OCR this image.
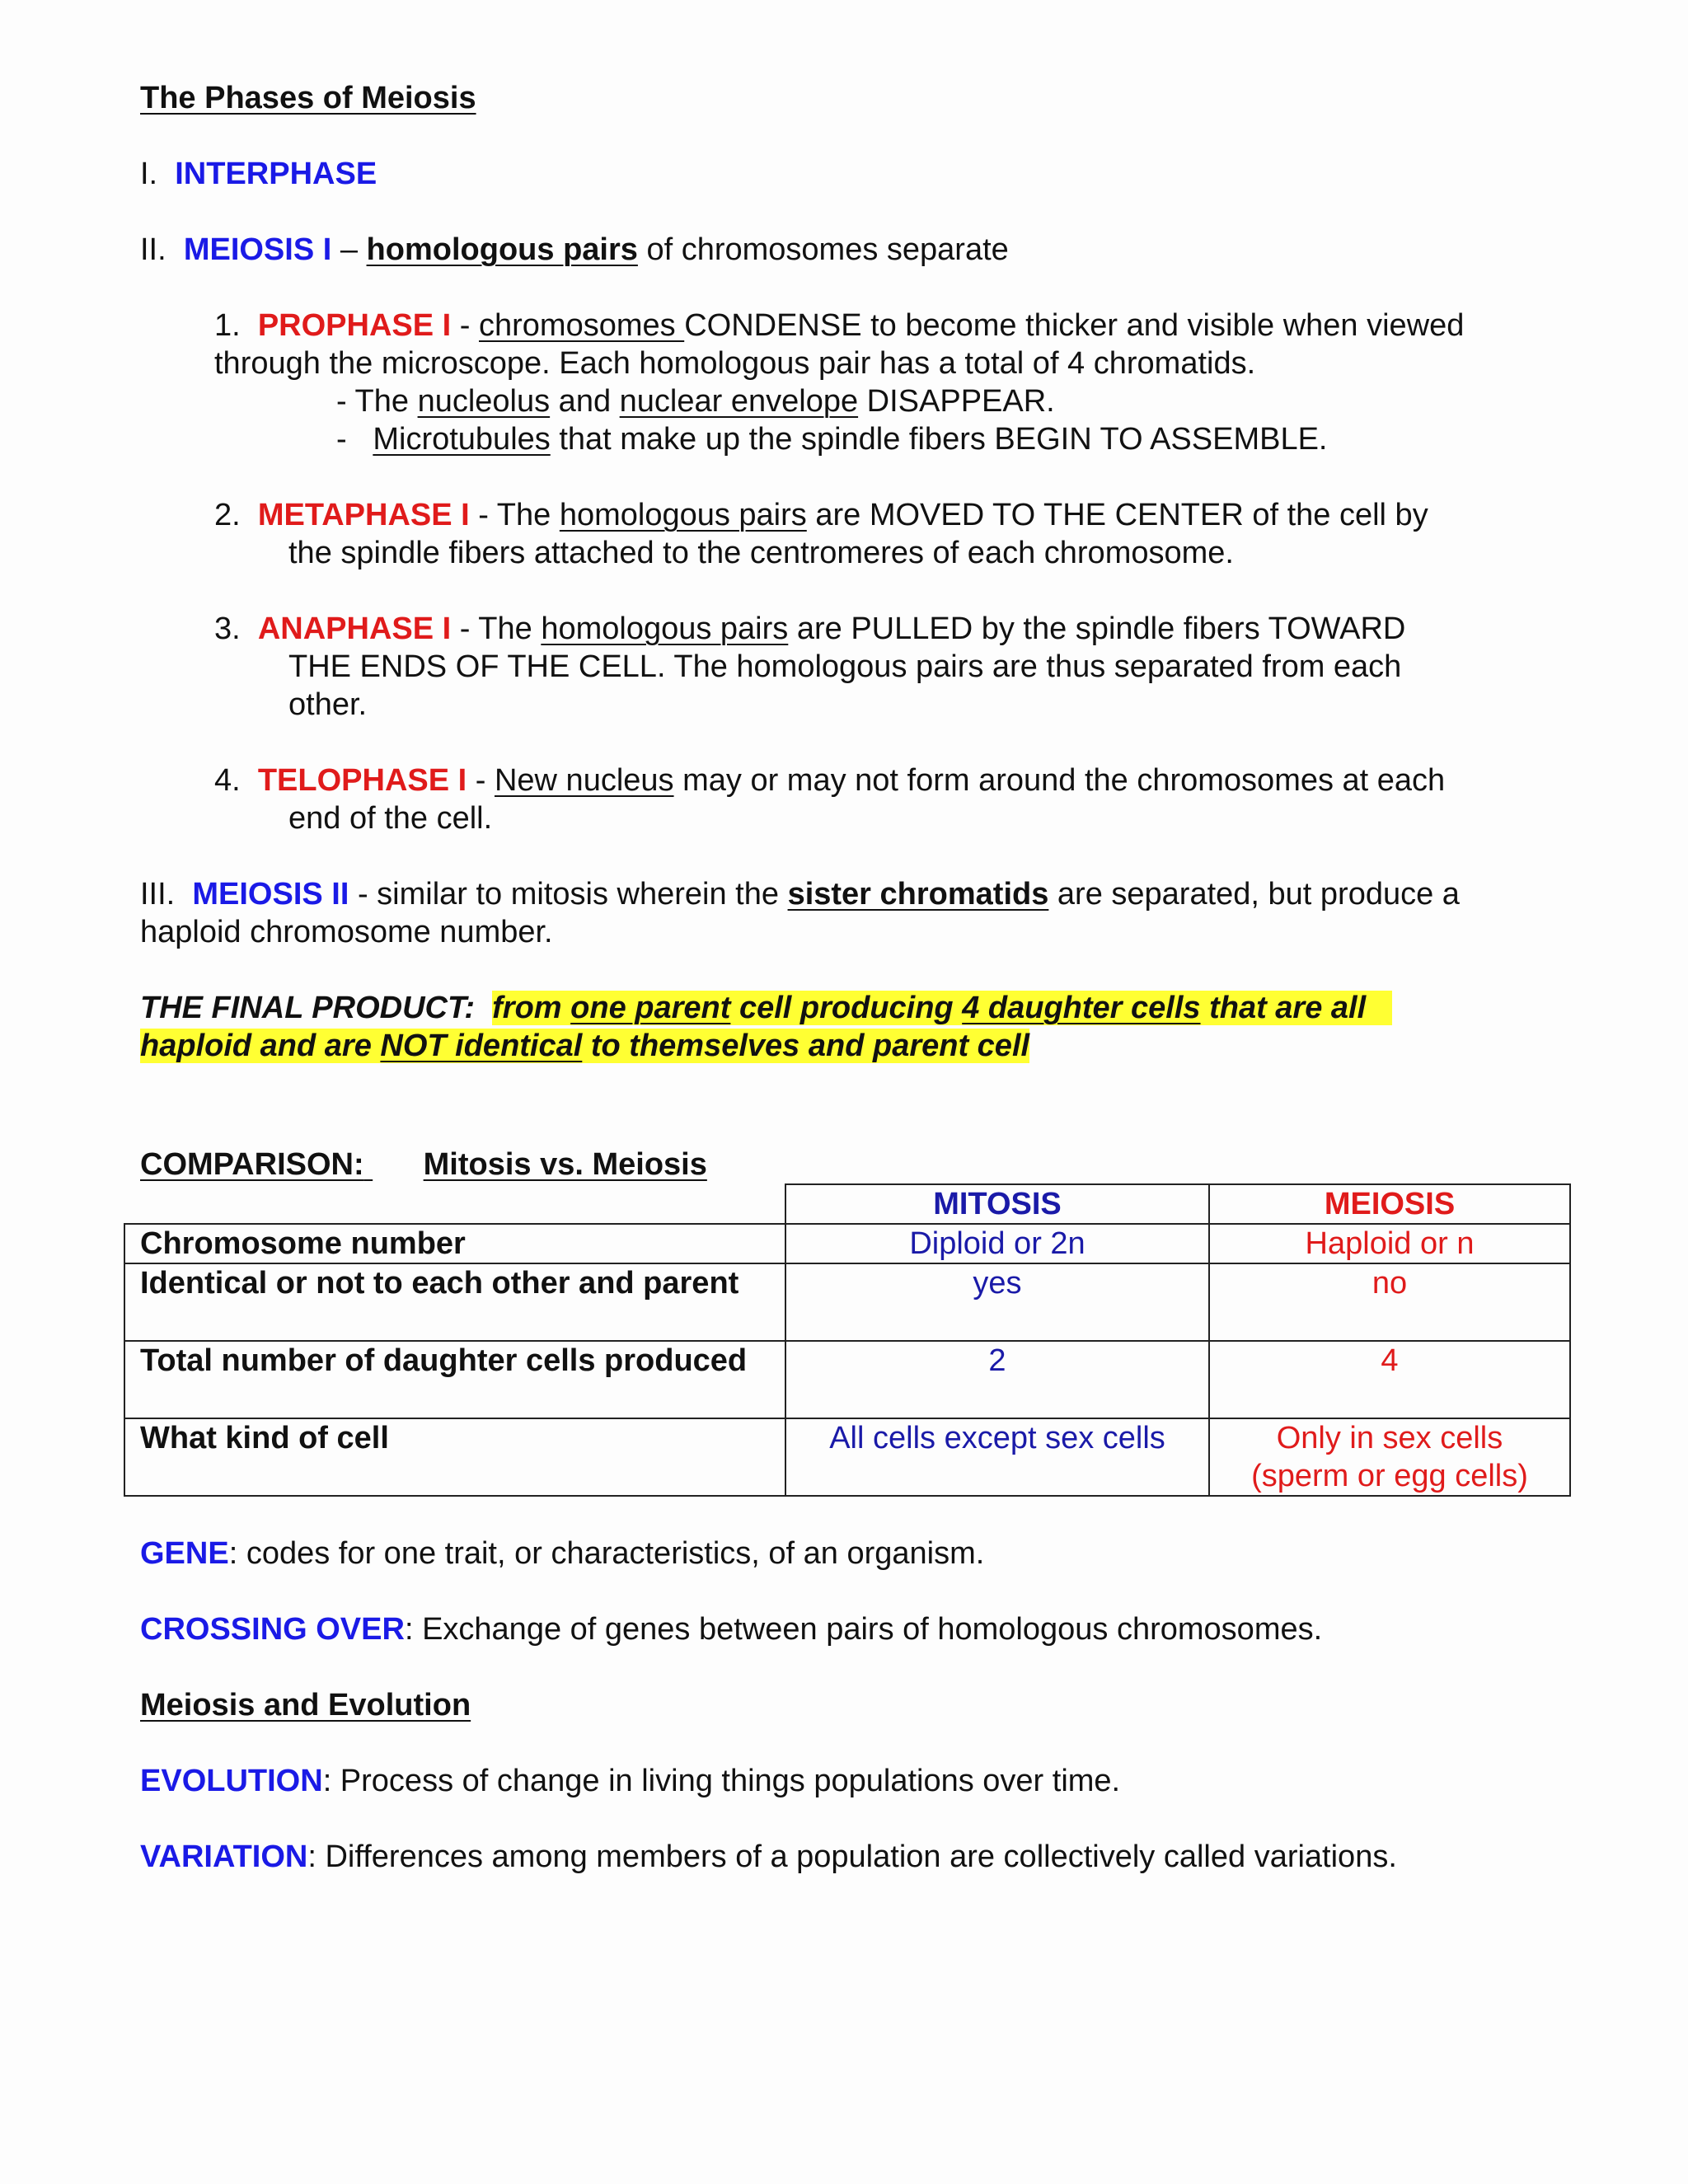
The Phases of Meiosis
I. INTERPHASE
II. MEIOSIS I – homologous pairs of chromosomes separate
1. PROPHASE I - chromosomes CONDENSE to become thicker and visible when viewed
through the microscope. Each homologous pair has a total of 4 chromatids.
- The nucleolus and nuclear envelope DISAPPEAR.
- Microtubules that make up the spindle fibers BEGIN TO ASSEMBLE.
2. METAPHASE I - The homologous pairs are MOVED TO THE CENTER of the cell by
the spindle fibers attached to the centromeres of each chromosome.
3. ANAPHASE I - The homologous pairs are PULLED by the spindle fibers TOWARD
THE ENDS OF THE CELL. The homologous pairs are thus separated from each
other.
4. TELOPHASE I - New nucleus may or may not form around the chromosomes at each
end of the cell.
III. MEIOSIS II - similar to mitosis wherein the sister chromatids are separated, but produce a
haploid chromosome number.
THE FINAL PRODUCT: from one parent cell producing 4 daughter cells that are all
haploid and are NOT identical to themselves and parent cell
COMPARISON: Mitosis vs. Meiosis
	MITOSIS	MEIOSIS
Chromosome number	Diploid or 2n	Haploid or n
Identical or not to each other and parent	yes	no
Total number of daughter cells produced	2	4
What kind of cell	All cells except sex cells	Only in sex cells (sperm or egg cells)
GENE: codes for one trait, or characteristics, of an organism.
CROSSING OVER: Exchange of genes between pairs of homologous chromosomes.
Meiosis and Evolution
EVOLUTION: Process of change in living things populations over time.
VARIATION: Differences among members of a population are collectively called variations.
